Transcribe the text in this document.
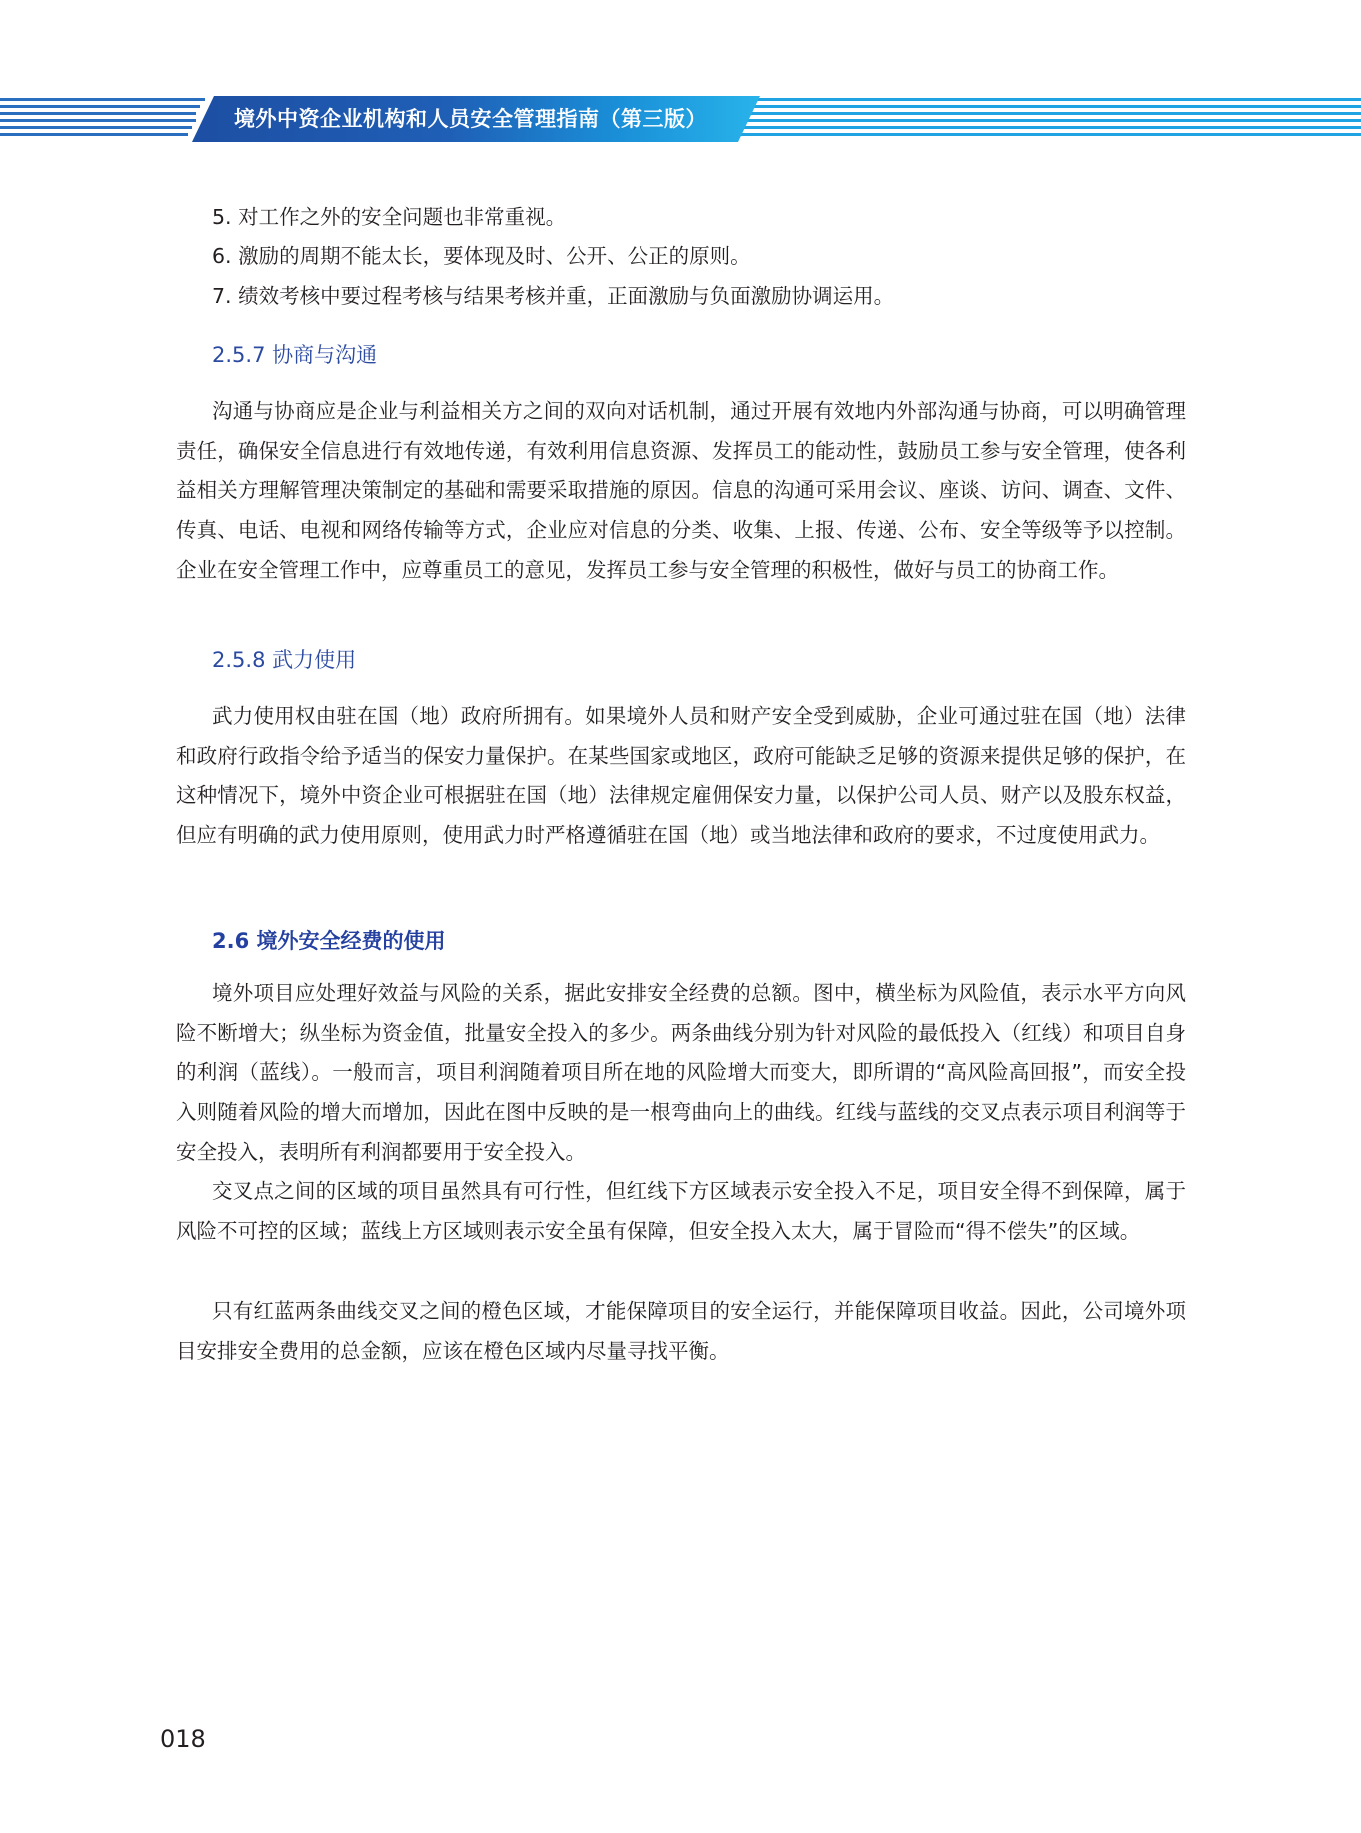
境外中资企业机构和人员安全管理指南（第三版）
5. 对工作之外的安全问题也非常重视。
6. 激励的周期不能太长，要体现及时、公开、公正的原则。
7. 绩效考核中要过程考核与结果考核并重，正面激励与负面激励协调运用。
2.5.7 协商与沟通
沟通与协商应是企业与利益相关方之间的双向对话机制，通过开展有效地内外部沟通与协商，可以明确管理责任，确保安全信息进行有效地传递，有效利用信息资源、发挥员工的能动性，鼓励员工参与安全管理，使各利益相关方理解管理决策制定的基础和需要采取措施的原因。信息的沟通可采用会议、座谈、访问、调查、文件、传真、电话、电视和网络传输等方式，企业应对信息的分类、收集、上报、传递、公布、安全等级等予以控制。企业在安全管理工作中，应尊重员工的意见，发挥员工参与安全管理的积极性，做好与员工的协商工作。
2.5.8 武力使用
武力使用权由驻在国（地）政府所拥有。如果境外人员和财产安全受到威胁，企业可通过驻在国（地）法律和政府行政指令给予适当的保安力量保护。在某些国家或地区，政府可能缺乏足够的资源来提供足够的保护，在这种情况下，境外中资企业可根据驻在国（地）法律规定雇佣保安力量，以保护公司人员、财产以及股东权益，但应有明确的武力使用原则，使用武力时严格遵循驻在国（地）或当地法律和政府的要求，不过度使用武力。
2.6 境外安全经费的使用
境外项目应处理好效益与风险的关系，据此安排安全经费的总额。图中，横坐标为风险值，表示水平方向风险不断增大；纵坐标为资金值，批量安全投入的多少。两条曲线分别为针对风险的最低投入（红线）和项目自身的利润（蓝线）。一般而言，项目利润随着项目所在地的风险增大而变大，即所谓的“高风险高回报”，而安全投入则随着风险的增大而增加，因此在图中反映的是一根弯曲向上的曲线。红线与蓝线的交叉点表示项目利润等于安全投入，表明所有利润都要用于安全投入。
交叉点之间的区域的项目虽然具有可行性，但红线下方区域表示安全投入不足，项目安全得不到保障，属于风险不可控的区域；蓝线上方区域则表示安全虽有保障，但安全投入太大，属于冒险而“得不偿失”的区域。
只有红蓝两条曲线交叉之间的橙色区域，才能保障项目的安全运行，并能保障项目收益。因此，公司境外项目安排安全费用的总金额，应该在橙色区域内尽量寻找平衡。
018
